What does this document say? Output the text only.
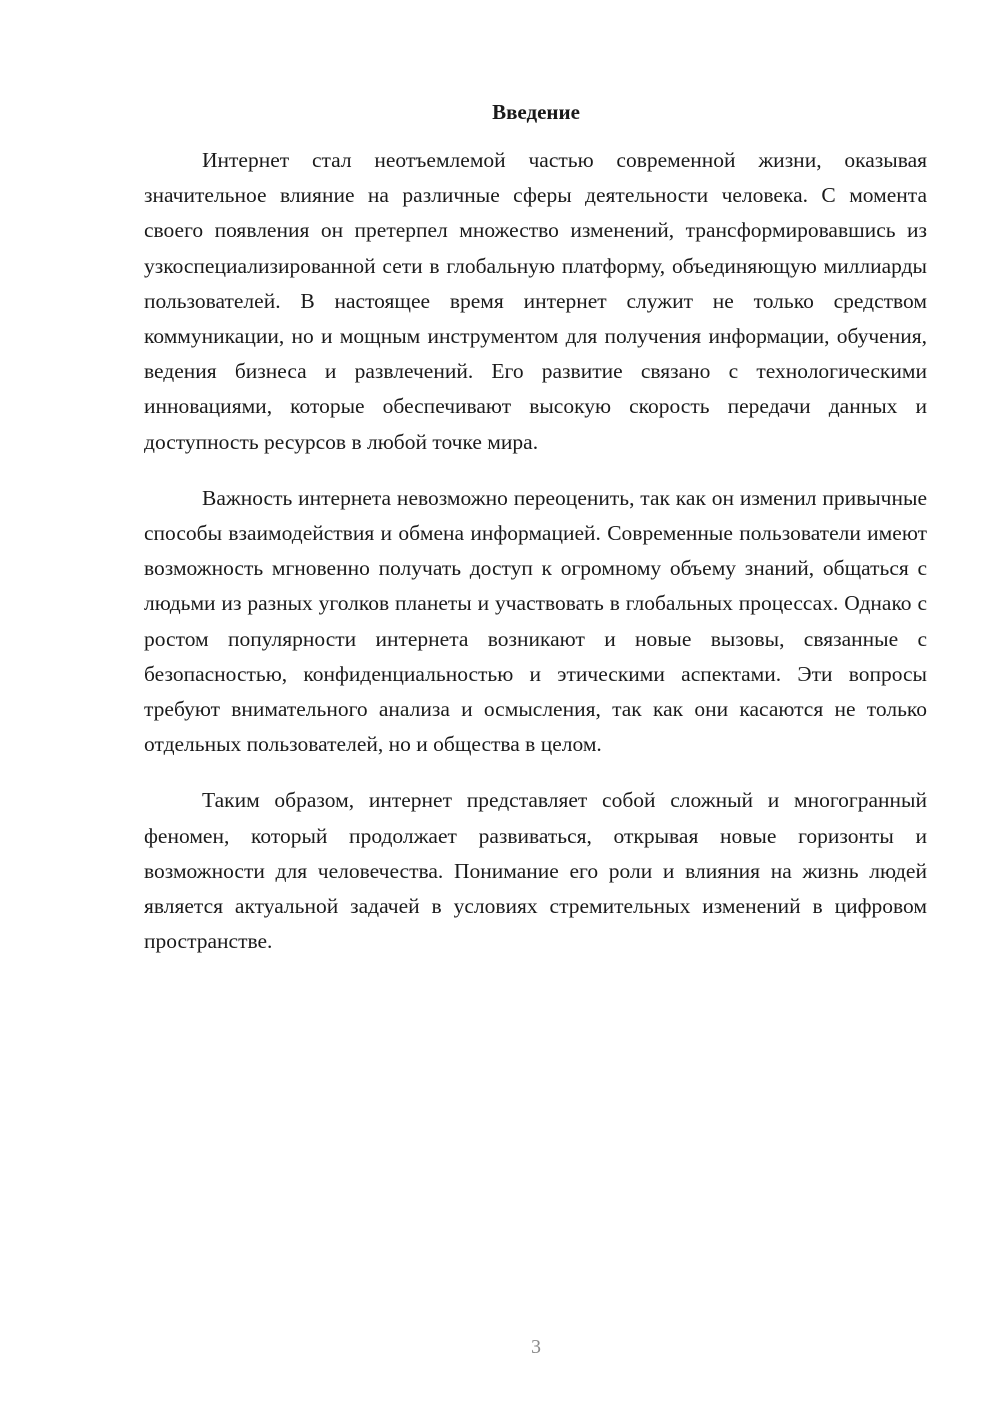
Введение

Интернет стал неотъемлемой частью современной жизни, оказывая значительное влияние на различные сферы деятельности человека. С момента своего появления он претерпел множество изменений, трансформировавшись из узкоспециализированной сети в глобальную платформу, объединяющую миллиарды пользователей. В настоящее время интернет служит не только средством коммуникации, но и мощным инструментом для получения информации, обучения, ведения бизнеса и развлечений. Его развитие связано с технологическими инновациями, которые обеспечивают высокую скорость передачи данных и доступность ресурсов в любой точке мира.

Важность интернета невозможно переоценить, так как он изменил привычные способы взаимодействия и обмена информацией. Современные пользователи имеют возможность мгновенно получать доступ к огромному объему знаний, общаться с людьми из разных уголков планеты и участвовать в глобальных процессах. Однако с ростом популярности интернета возникают и новые вызовы, связанные с безопасностью, конфиденциальностью и этическими аспектами. Эти вопросы требуют внимательного анализа и осмысления, так как они касаются не только отдельных пользователей, но и общества в целом.

Таким образом, интернет представляет собой сложный и многогранный феномен, который продолжает развиваться, открывая новые горизонты и возможности для человечества. Понимание его роли и влияния на жизнь людей является актуальной задачей в условиях стремительных изменений в цифровом пространстве.

3
